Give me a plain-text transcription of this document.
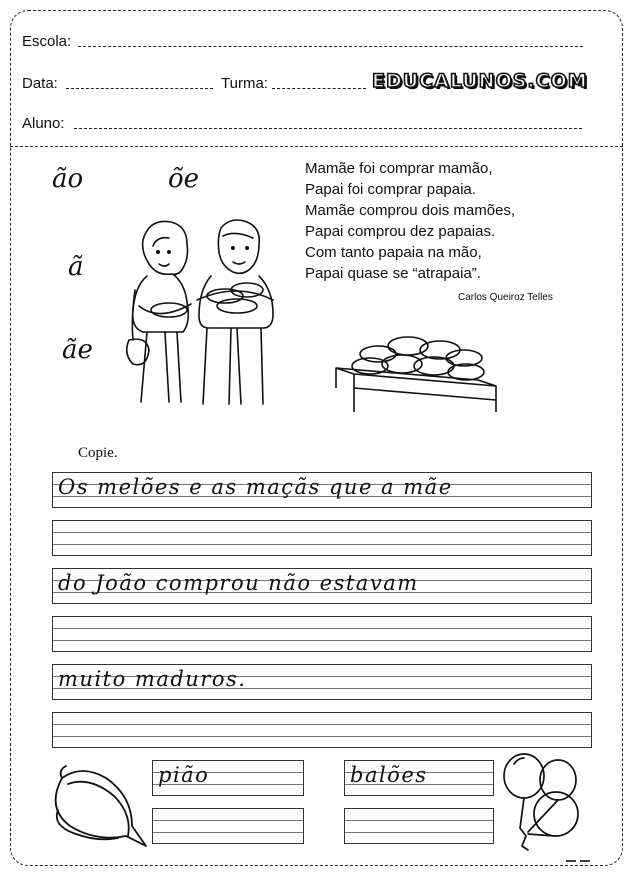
Escola:
Data:	Turma:	EDUCALUNOS.COM
Aluno:
ão	õe
ã
ãe
Mamãe foi comprar mamão,
Papai foi comprar papaia.
Mamãe comprou dois mamões,
Papai comprou dez papaias.
Com tanto papaia na mão,
Papai quase se “atrapaia”.
Carlos Queiroz Telles
Copie.
Os melões e as maçãs que a mãe
do João comprou não estavam
muito maduros.
pião	balões
